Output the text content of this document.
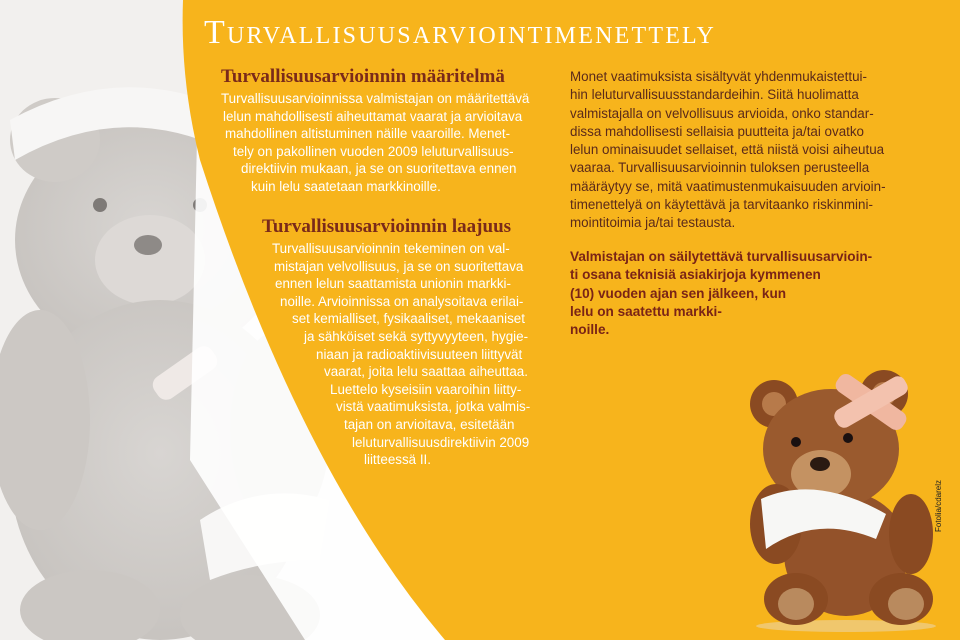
Turvallisuusarviointimenettely
Turvallisuusarvioinnin määritelmä
Turvallisuusarvioinnissa valmistajan on määritettävä
lelun mahdollisesti aiheuttamat vaarat ja arvioitava
mahdollinen altistuminen näille vaaroille. Menet-
tely on pakollinen vuoden 2009 leluturvallisuus-
direktiivin mukaan, ja se on suoritettava ennen
kuin lelu saatetaan markkinoille.
Turvallisuusarvioinnin laajuus
Turvallisuusarvioinnin tekeminen on val-
mistajan velvollisuus, ja se on suoritettava
ennen lelun saattamista unionin markki-
noille. Arvioinnissa on analysoitava erilai-
set kemialliset, fysikaaliset, mekaaniset
ja sähköiset sekä syttyvyyteen, hygie-
niaan ja radioaktiivisuuteen liittyvät
vaarat, joita lelu saattaa aiheuttaa.
Luettelo kyseisiin vaaroihin liitty-
vistä vaatimuksista, jotka valmis-
tajan on arvioitava, esitetään
leluturvallisuusdirektiivin 2009
liitteessä II.
Monet vaatimuksista sisältyvät yhdenmukaistettui-
hin leluturvallisuusstandardeihin. Siitä huolimatta
valmistajalla on velvollisuus arvioida, onko standar-
dissa mahdollisesti sellaisia puutteita ja/tai ovatko
lelun ominaisuudet sellaiset, että niistä voisi aiheutua
vaaraa. Turvallisuusarvioinnin tuloksen perusteella
määräytyy se, mitä vaatimustenmukaisuuden arvioin-
timenettelyä on käytettävä ja tarvitaanko riskinmini-
mointitoimia ja/tai testausta.
Valmistajan on säilytettävä turvallisuusarvioin-
ti osana teknisiä asiakirjoja kymmenen
(10) vuoden ajan sen jälkeen, kun
lelu on saatettu markki-
noille.
Fotolia/cdarelz
